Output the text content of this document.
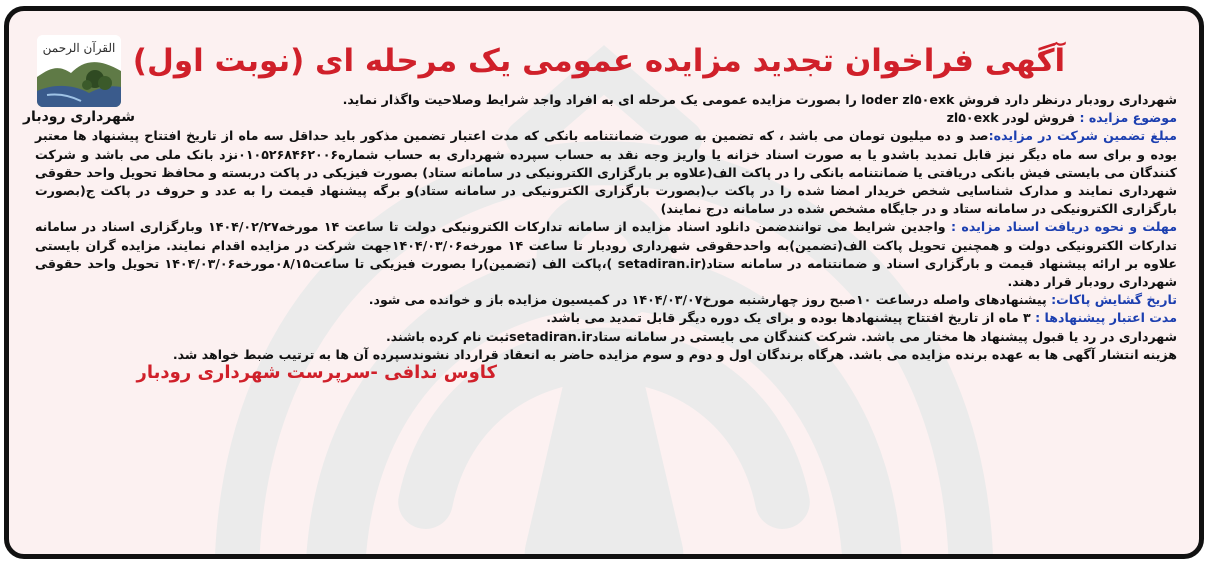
القرآن الرحمن
شهرداری رودبار
آگهی فراخوان تجدید مزایده عمومی یک مرحله ای (نوبت اول)

شهرداری رودبار درنظر دارد فروش loder zl۵۰exk را بصورت مزایده عمومی یک مرحله ای به افراد واجد شرایط وصلاحیت واگذار نماید.

موضوع مزایده : فروش لودر zl۵۰exk

مبلغ تضمین شرکت در مزایده:صد و ده میلیون تومان می باشد ، که تضمین به صورت ضمانتنامه بانکی که مدت اعتبار تضمین مذکور باید حداقل سه ماه از تاریخ افتتاح پیشنهاد ها معتبر بوده و برای سه ماه دیگر نیز قابل تمدید باشدو یا به صورت اسناد خزانه یا واریز وجه نقد به حساب سپرده شهرداری به حساب شماره۰۱۰۵۲۶۸۴۶۲۰۰۶نزد بانک ملی می باشد و شرکت کنندگان می بایستی فیش بانکی دریافتی یا ضمانتنامه بانکی را در پاکت الف(علاوه بر بارگزاری الکترونیکی در سامانه ستاد) بصورت فیزیکی در پاکت دربسته و محافظ تحویل واحد حقوقی شهرداری نمایند و مدارک شناسایی شخص خریدار امضا شده را در پاکت ب(بصورت بارگزاری الکترونیکی در سامانه ستاد)و برگه پیشنهاد قیمت را به عدد و حروف در پاکت ج(بصورت بارگزاری الکترونیکی در سامانه ستاد و در جایگاه مشخص شده در سامانه درج نمایند)

مهلت و نحوه دریافت اسناد مزایده : واجدین شرایط می توانندضمن دانلود اسناد مزایده از سامانه تدارکات الکترونیکی دولت تا ساعت ۱۴ مورخه۱۴۰۴/۰۲/۲۷ وبارگزاری اسناد در سامانه تدارکات الکترونیکی دولت و همچنین تحویل پاکت الف(تضمین)به واحدحقوقی شهرداری رودبار تا ساعت ۱۴ مورخه۱۴۰۴/۰۳/۰۶جهت شرکت در مزایده اقدام نمایند. مزایده گران بایستی علاوه بر ارائه پیشنهاد قیمت و بارگزاری اسناد و ضمانتنامه در سامانه ستاد(setadiran.ir )،پاکت الف (تضمین)را بصورت فیزیکی تا ساعت۰۸/۱۵مورخه۱۴۰۴/۰۳/۰۶ تحویل واحد حقوقی شهرداری رودبار قرار دهند.

تاریخ گشایش پاکات: پیشنهادهای واصله درساعت ۱۰صبح روز چهارشنبه مورخ۱۴۰۴/۰۳/۰۷ در کمیسیون مزایده باز و خوانده می شود.

مدت اعتبار پیشنهادها : ۳ ماه از تاریخ افتتاح پیشنهادها بوده و برای یک دوره دیگر قابل تمدید می باشد.

شهرداری در رد یا قبول پیشنهاد ها مختار می باشد. شرکت کنندگان می بایستی در سامانه ستادsetadiran.irثبت نام کرده باشند.

هزینه انتشار آگهی ها به عهده برنده مزایده می باشد. هرگاه برندگان اول و دوم و سوم مزایده حاضر به انعقاد قرارداد نشوندسپرده آن ها به ترتیب ضبط خواهد شد.

کاوس ندافی -سرپرست شهرداری رودبار
